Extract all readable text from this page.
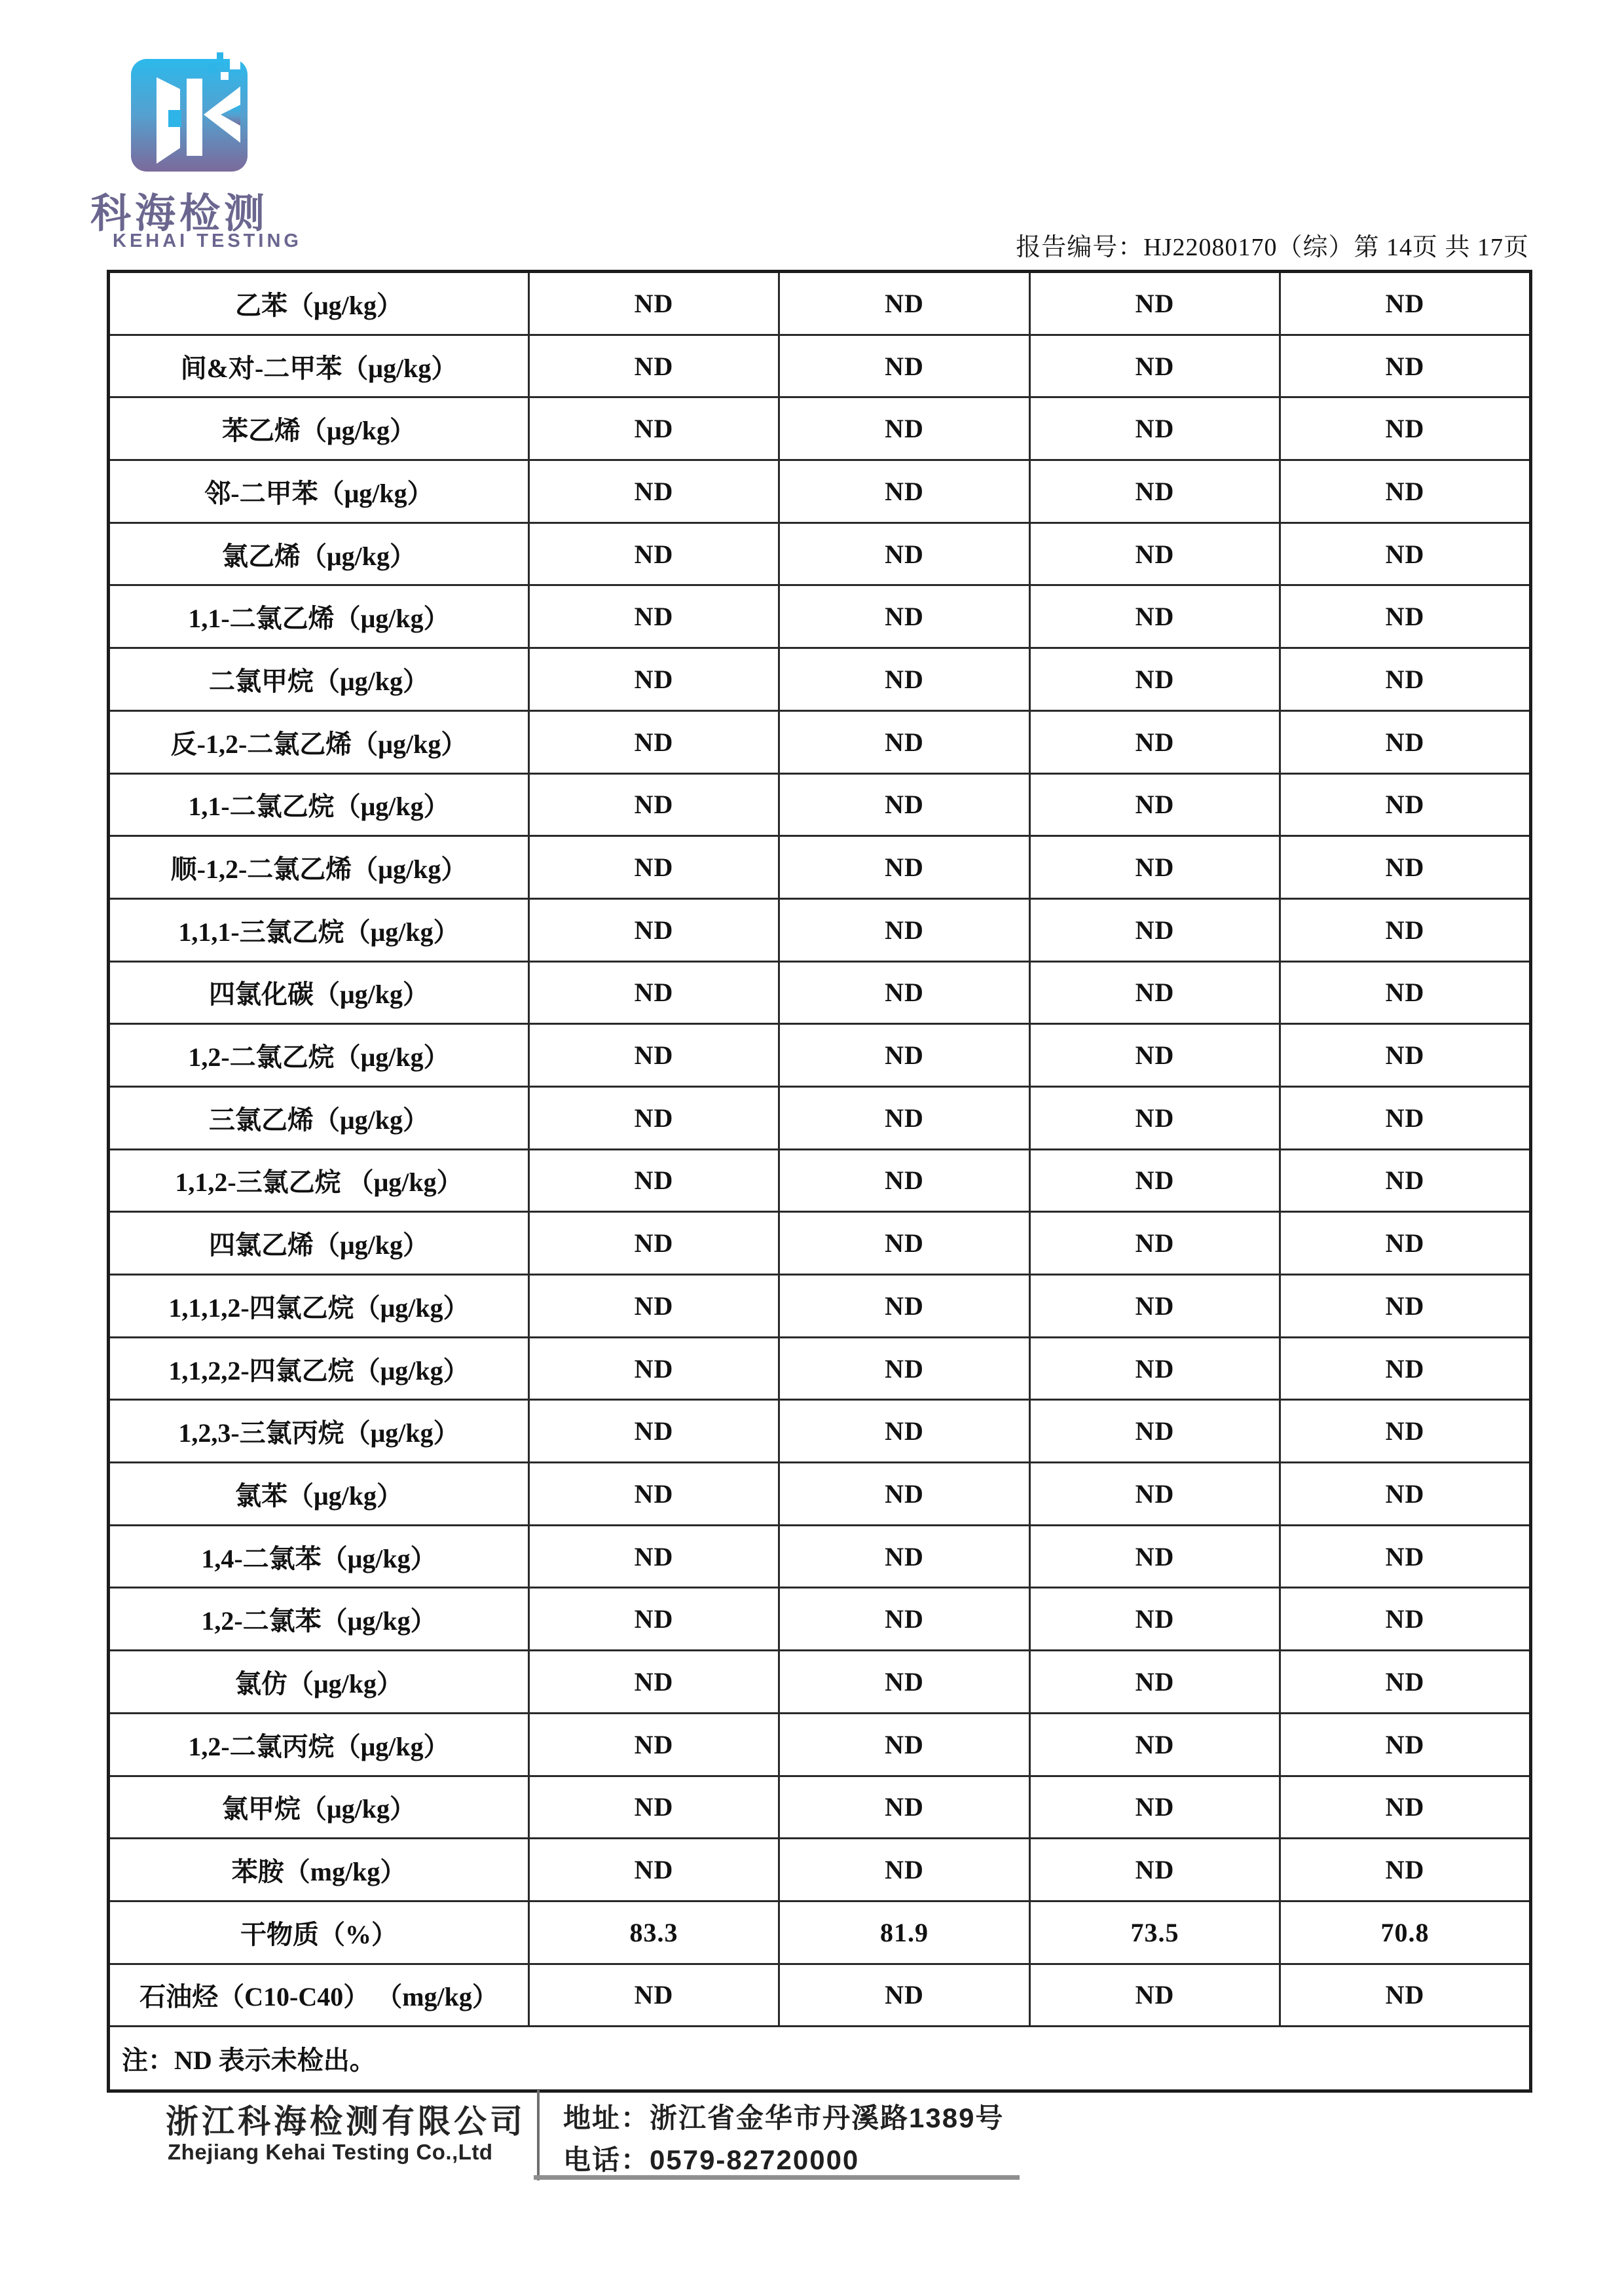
科海检测
KEHAI TESTING	报告编号：HJ22080170（综）第 14页 共 17页
乙苯（μg/kg）	ND	ND	ND	ND
间&对-二甲苯（μg/kg）	ND	ND	ND	ND
苯乙烯（μg/kg）	ND	ND	ND	ND
邻-二甲苯（μg/kg）	ND	ND	ND	ND
氯乙烯（μg/kg）	ND	ND	ND	ND
1,1-二氯乙烯（μg/kg）	ND	ND	ND	ND
二氯甲烷（μg/kg）	ND	ND	ND	ND
反-1,2-二氯乙烯（μg/kg）	ND	ND	ND	ND
1,1-二氯乙烷（μg/kg）	ND	ND	ND	ND
顺-1,2-二氯乙烯（μg/kg）	ND	ND	ND	ND
1,1,1-三氯乙烷（μg/kg）	ND	ND	ND	ND
四氯化碳（μg/kg）	ND	ND	ND	ND
1,2-二氯乙烷（μg/kg）	ND	ND	ND	ND
三氯乙烯（μg/kg）	ND	ND	ND	ND
1,1,2-三氯乙烷 （μg/kg）	ND	ND	ND	ND
四氯乙烯（μg/kg）	ND	ND	ND	ND
1,1,1,2-四氯乙烷（μg/kg）	ND	ND	ND	ND
1,1,2,2-四氯乙烷（μg/kg）	ND	ND	ND	ND
1,2,3-三氯丙烷（μg/kg）	ND	ND	ND	ND
氯苯（μg/kg）	ND	ND	ND	ND
1,4-二氯苯（μg/kg）	ND	ND	ND	ND
1,2-二氯苯（μg/kg）	ND	ND	ND	ND
氯仿（μg/kg）	ND	ND	ND	ND
1,2-二氯丙烷（μg/kg）	ND	ND	ND	ND
氯甲烷（μg/kg）	ND	ND	ND	ND
苯胺（mg/kg）	ND	ND	ND	ND
干物质（%）	83.3	81.9	73.5	70.8
石油烃（C10-C40） （mg/kg）	ND	ND	ND	ND
注：ND 表示未检出。				
浙江科海检测有限公司
Zhejiang Kehai Testing Co.,Ltd
地址：浙江省金华市丹溪路1389号
电话：0579-82720000
